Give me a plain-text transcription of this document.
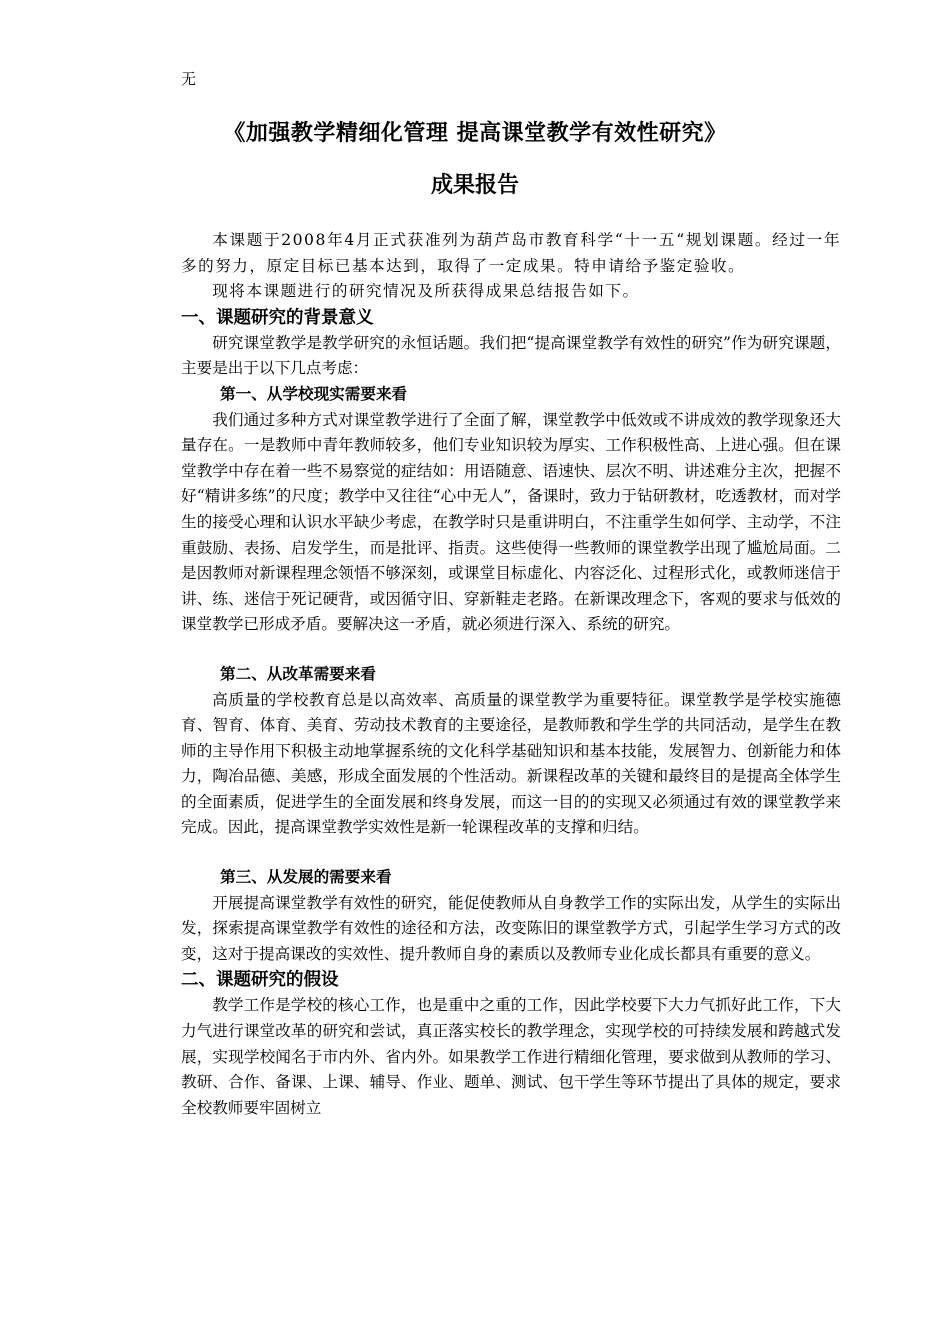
无
《加强教学精细化管理 提高课堂教学有效性研究》
成果报告

本课题于2008年4月正式获准列为葫芦岛市教育科学“十一五“规划课题。经过一年多的努力，原定目标已基本达到，取得了一定成果。特申请给予鉴定验收。

现将本课题进行的研究情况及所获得成果总结报告如下。

一、课题研究的背景意义

研究课堂教学是教学研究的永恒话题。我们把“提高课堂教学有效性的研究”作为研究课题，主要是出于以下几点考虑：

第一、从学校现实需要来看

我们通过多种方式对课堂教学进行了全面了解，课堂教学中低效或不讲成效的教学现象还大量存在。一是教师中青年教师较多，他们专业知识较为厚实、工作积极性高、上进心强。但在课堂教学中存在着一些不易察觉的症结如：用语随意、语速快、层次不明、讲述难分主次，把握不好“精讲多练”的尺度；教学中又往往“心中无人”，备课时，致力于钻研教材，吃透教材，而对学生的接受心理和认识水平缺少考虑，在教学时只是重讲明白，不注重学生如何学、主动学，不注重鼓励、表扬、启发学生，而是批评、指责。这些使得一些教师的课堂教学出现了尴尬局面。二是因教师对新课程理念领悟不够深刻，或课堂目标虚化、内容泛化、过程形式化，或教师迷信于讲、练、迷信于死记硬背，或因循守旧、穿新鞋走老路。在新课改理念下，客观的要求与低效的课堂教学已形成矛盾。要解决这一矛盾，就必须进行深入、系统的研究。

第二、从改革需要来看

高质量的学校教育总是以高效率、高质量的课堂教学为重要特征。课堂教学是学校实施德育、智育、体育、美育、劳动技术教育的主要途径，是教师教和学生学的共同活动，是学生在教师的主导作用下积极主动地掌握系统的文化科学基础知识和基本技能，发展智力、创新能力和体力，陶冶品德、美感，形成全面发展的个性活动。新课程改革的关键和最终目的是提高全体学生的全面素质，促进学生的全面发展和终身发展，而这一目的的实现又必须通过有效的课堂教学来完成。因此，提高课堂教学实效性是新一轮课程改革的支撑和归结。

第三、从发展的需要来看

开展提高课堂教学有效性的研究，能促使教师从自身教学工作的实际出发，从学生的实际出发，探索提高课堂教学有效性的途径和方法，改变陈旧的课堂教学方式，引起学生学习方式的改变，这对于提高课改的实效性、提升教师自身的素质以及教师专业化成长都具有重要的意义。

二、课题研究的假设

教学工作是学校的核心工作，也是重中之重的工作，因此学校要下大力气抓好此工作，下大力气进行课堂改革的研究和尝试，真正落实校长的教学理念，实现学校的可持续发展和跨越式发展，实现学校闻名于市内外、省内外。如果教学工作进行精细化管理，要求做到从教师的学习、教研、合作、备课、上课、辅导、作业、题单、测试、包干学生等环节提出了具体的规定，要求全校教师要牢固树立
